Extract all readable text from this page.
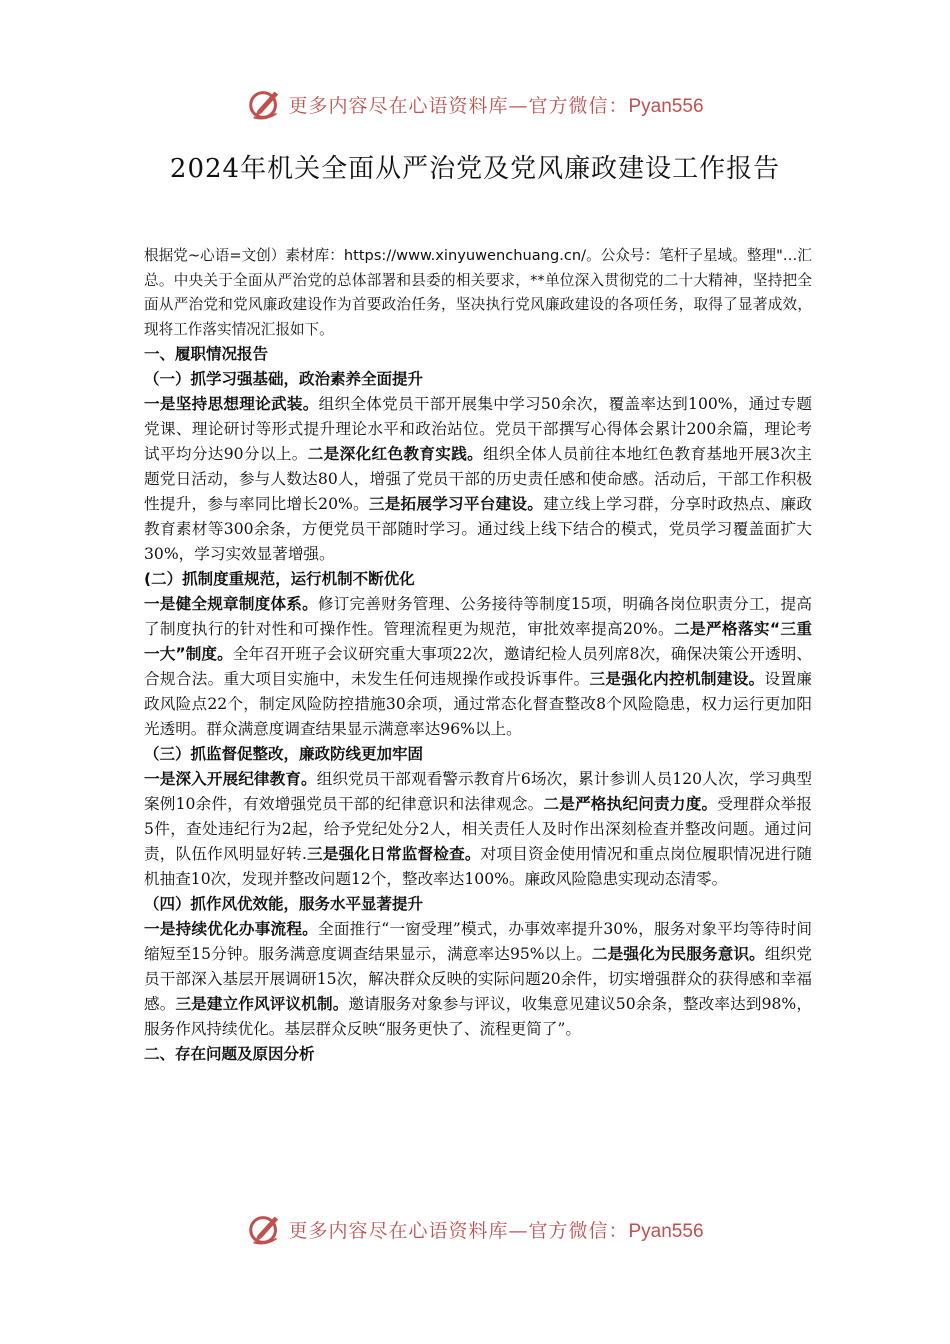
更多内容尽在心语资料库—官方微信：Pyan556
2024年机关全面从严治党及党风廉政建设工作报告

根据党~心语=文创）素材库：https://www.xinyuwenchuang.cn/。公众号：笔杆子星域。整理"…汇总。中央关于全面从严治党的总体部署和县委的相关要求，**单位深入贯彻党的二十大精神，坚持把全面从严治党和党风廉政建设作为首要政治任务，坚决执行党风廉政建设的各项任务，取得了显著成效，现将工作落实情况汇报如下。

一、履职情况报告

（一）抓学习强基础，政治素养全面提升

一是坚持思想理论武装。组织全体党员干部开展集中学习50余次，覆盖率达到100%，通过专题党课、理论研讨等形式提升理论水平和政治站位。党员干部撰写心得体会累计200余篇，理论考试平均分达90分以上。二是深化红色教育实践。组织全体人员前往本地红色教育基地开展3次主题党日活动，参与人数达80人，增强了党员干部的历史责任感和使命感。活动后，干部工作积极性提升，参与率同比增长20%。三是拓展学习平台建设。建立线上学习群，分享时政热点、廉政教育素材等300余条，方便党员干部随时学习。通过线上线下结合的模式，党员学习覆盖面扩大30%，学习实效显著增强。

(二）抓制度重规范，运行机制不断优化

一是健全规章制度体系。修订完善财务管理、公务接待等制度15项，明确各岗位职责分工，提高了制度执行的针对性和可操作性。管理流程更为规范，审批效率提高20%。二是严格落实“三重一大”制度。全年召开班子会议研究重大事项22次，邀请纪检人员列席8次，确保决策公开透明、合规合法。重大项目实施中，未发生任何违规操作或投诉事件。三是强化内控机制建设。设置廉政风险点22个，制定风险防控措施30余项，通过常态化督查整改8个风险隐患，权力运行更加阳光透明。群众满意度调查结果显示满意率达96%以上。

（三）抓监督促整改，廉政防线更加牢固

一是深入开展纪律教育。组织党员干部观看警示教育片6场次，累计参训人员120人次，学习典型案例10余件，有效增强党员干部的纪律意识和法律观念。二是严格执纪问责力度。受理群众举报5件，查处违纪行为2起，给予党纪处分2人，相关责任人及时作出深刻检查并整改问题。通过问责，队伍作风明显好转.三是强化日常监督检查。对项目资金使用情况和重点岗位履职情况进行随机抽查10次，发现并整改问题12个，整改率达100%。廉政风险隐患实现动态清零。

（四）抓作风优效能，服务水平显著提升

一是持续优化办事流程。全面推行“一窗受理”模式，办事效率提升30%，服务对象平均等待时间缩短至15分钟。服务满意度调查结果显示，满意率达95%以上。二是强化为民服务意识。组织党员干部深入基层开展调研15次，解决群众反映的实际问题20余件，切实增强群众的获得感和幸福感。三是建立作风评议机制。邀请服务对象参与评议，收集意见建议50余条，整改率达到98%，服务作风持续优化。基层群众反映“服务更快了、流程更简了”。

二、存在问题及原因分析

更多内容尽在心语资料库—官方微信：Pyan556
